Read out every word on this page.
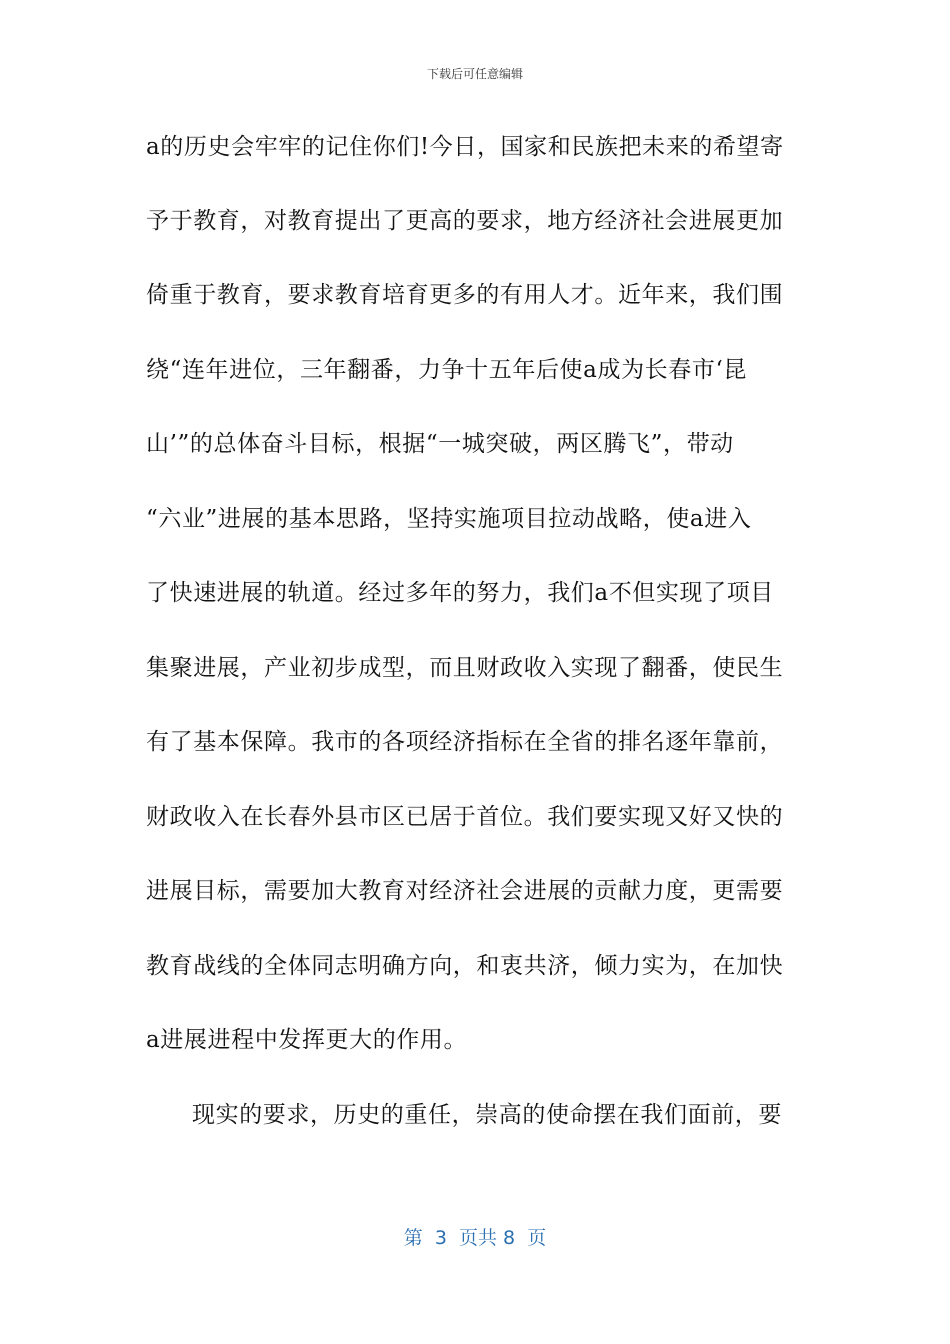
下载后可任意编辑
a的历史会牢牢的记住你们!今日，国家和民族把未来的希望寄
予于教育，对教育提出了更高的要求，地方经济社会进展更加
倚重于教育，要求教育培育更多的有用人才。近年来，我们围
绕“连年进位，三年翻番，力争十五年后使a成为长春市‘昆
山’”的总体奋斗目标，根据“一城突破，两区腾飞”，带动
“六业”进展的基本思路，坚持实施项目拉动战略，使a进入
了快速进展的轨道。经过多年的努力，我们a不但实现了项目
集聚进展，产业初步成型，而且财政收入实现了翻番，使民生
有了基本保障。我市的各项经济指标在全省的排名逐年靠前，
财政收入在长春外县市区已居于首位。我们要实现又好又快的
进展目标，需要加大教育对经济社会进展的贡献力度，更需要
教育战线的全体同志明确方向，和衷共济，倾力实为，在加快
a进展进程中发挥更大的作用。
现实的要求，历史的重任，崇高的使命摆在我们面前，要
第  3  页共 8  页
